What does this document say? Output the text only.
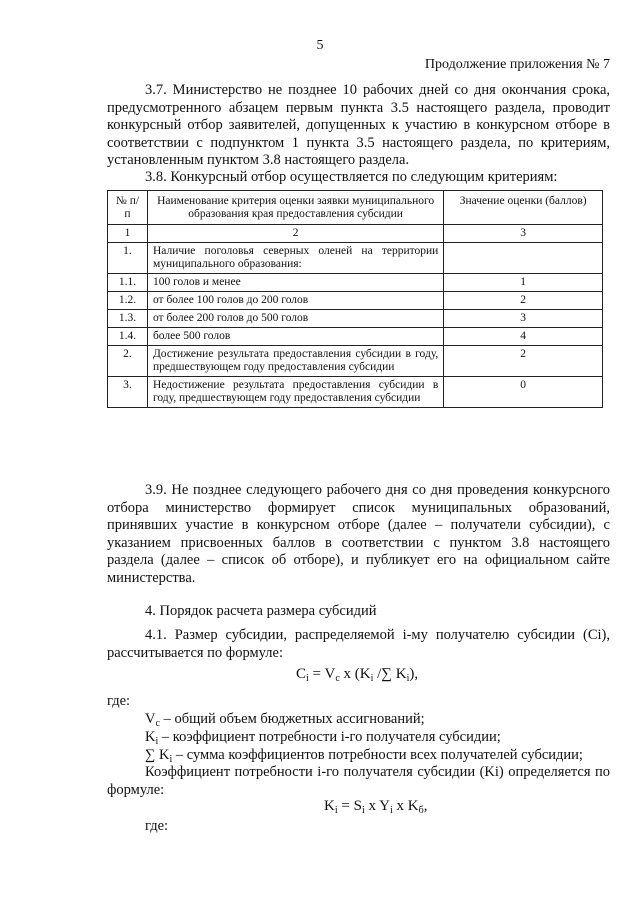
5
Продолжение приложения № 7
3.7. Министерство не позднее 10 рабочих дней со дня окончания срока, предусмотренного абзацем первым пункта 3.5 настоящего раздела, проводит конкурсный отбор заявителей, допущенных к участию в конкурсном отборе в соответствии с подпунктом 1 пункта 3.5 настоящего раздела, по критериям, установленным пунктом 3.8 настоящего раздела.
3.8. Конкурсный отбор осуществляется по следующим критериям:
№ п/п	Наименование критерия оценки заявки муниципального образования края предоставления субсидии	Значение оценки (баллов)
1	2	3
1.	Наличие поголовья северных оленей на территории муниципального образования:	
1.1.	100 голов и менее	1
1.2.	от более 100 голов до 200 голов	2
1.3.	от более 200 голов до 500 голов	3
1.4.	более 500 голов	4
2.	Достижение результата предоставления субсидии в году, предшествующем году предоставления субсидии	2
3.	Недостижение результата предоставления субсидии в году, предшествующем году предоставления субсидии	0
3.9. Не позднее следующего рабочего дня со дня проведения конкурсного отбора министерство формирует список муниципальных образований, принявших участие в конкурсном отборе (далее – получатели субсидии), с указанием присвоенных баллов в соответствии с пунктом 3.8 настоящего раздела (далее – список об отборе), и публикует его на официальном сайте министерства.
4. Порядок расчета размера субсидий
4.1. Размер субсидии, распределяемой i-му получателю субсидии (Сi), рассчитывается по формуле:
$С_i = V_с$ x ($K_i$ /∑ $K_i$),
где:
$V_с$ – общий объем бюджетных ассигнований;
$K_i$ – коэффициент потребности i-го получателя субсидии;
∑ $K_i$ – сумма коэффициентов потребности всех получателей субсидии;
Коэффициент потребности i-го получателя субсидии (Ki) определяется по формуле:
$K_i = S_i$ x $Y_i$ x $K_б$,
где:
